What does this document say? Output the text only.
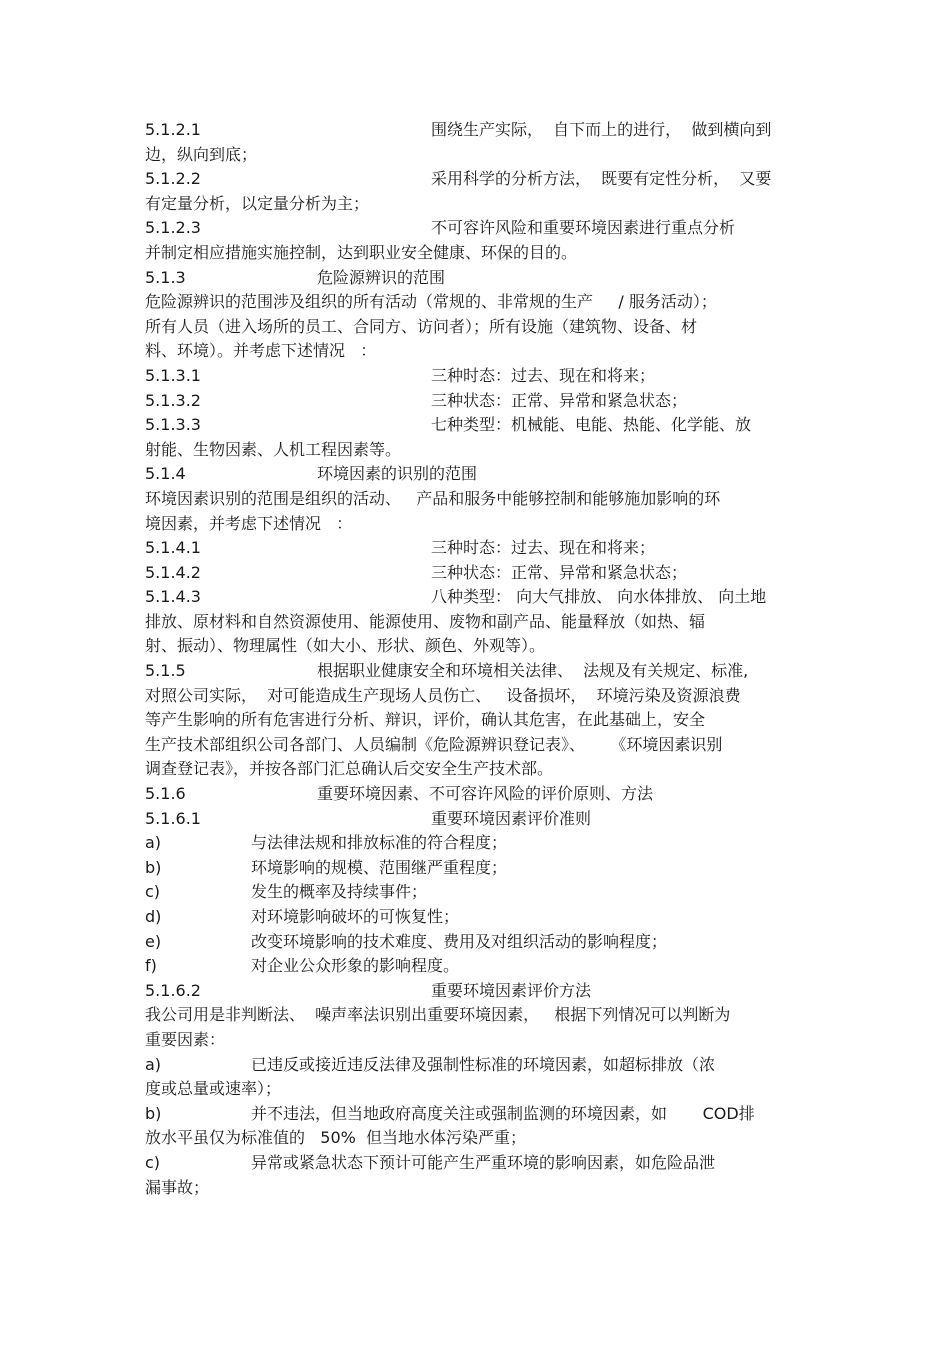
5.1.2.1	围绕生产实际，  自下而上的进行，  做到横向到
边，纵向到底；
5.1.2.2	采用科学的分析方法，  既要有定性分析，  又要
有定量分析，以定量分析为主；
5.1.2.3	不可容许风险和重要环境因素进行重点分析
并制定相应措施实施控制，达到职业安全健康、环保的目的。
5.1.3	危险源辨识的范围
危险源辨识的范围涉及组织的所有活动（常规的、非常规的生产     / 服务活动）；
所有人员（进入场所的员工、合同方、访问者）；所有设施（建筑物、设备、材
料、环境）。并考虑下述情况   ：
5.1.3.1	三种时态：过去、现在和将来；
5.1.3.2	三种状态：正常、异常和紧急状态；
5.1.3.3	七种类型：机械能、电能、热能、化学能、放
射能、生物因素、人机工程因素等。
5.1.4	环境因素的识别的范围
环境因素识别的范围是组织的活动、   产品和服务中能够控制和能够施加影响的环
境因素，并考虑下述情况   ：
5.1.4.1	三种时态：过去、现在和将来；
5.1.4.2	三种状态：正常、异常和紧急状态；
5.1.4.3	八种类型： 向大气排放、 向水体排放、 向土地
排放、原材料和自然资源使用、能源使用、废物和副产品、能量释放（如热、辐
射、振动）、物理属性（如大小、形状、颜色、外观等）。
5.1.5	根据职业健康安全和环境相关法律、  法规及有关规定、标准,
对照公司实际，  对可能造成生产现场人员伤亡、   设备损坏，  环境污染及资源浪费
等产生影响的所有危害进行分析、辩识，评价，确认其危害，在此基础上，安全
生产技术部组织公司各部门、人员编制《危险源辨识登记表》、     《环境因素识别
调查登记表》，并按各部门汇总确认后交安全生产技术部。
5.1.6	重要环境因素、不可容许风险的评价原则、方法
5.1.6.1	重要环境因素评价准则
a)	与法律法规和排放标准的符合程度；
b)	环境影响的规模、范围继严重程度；
c)	发生的概率及持续事件；
d)	对环境影响破坏的可恢复性；
e)	改变环境影响的技术难度、费用及对组织活动的影响程度；
f)	对企业公众形象的影响程度。
5.1.6.2	重要环境因素评价方法
我公司用是非判断法、  噪声率法识别出重要环境因素，   根据下列情况可以判断为
重要因素：
a)	已违反或接近违反法律及强制性标准的环境因素，如超标排放（浓
度或总量或速率）；
b)	并不违法，但当地政府高度关注或强制监测的环境因素，如       COD排
放水平虽仅为标准值的   50%  但当地水体污染严重；
c)	异常或紧急状态下预计可能产生严重环境的影响因素，如危险品泄
漏事故；
